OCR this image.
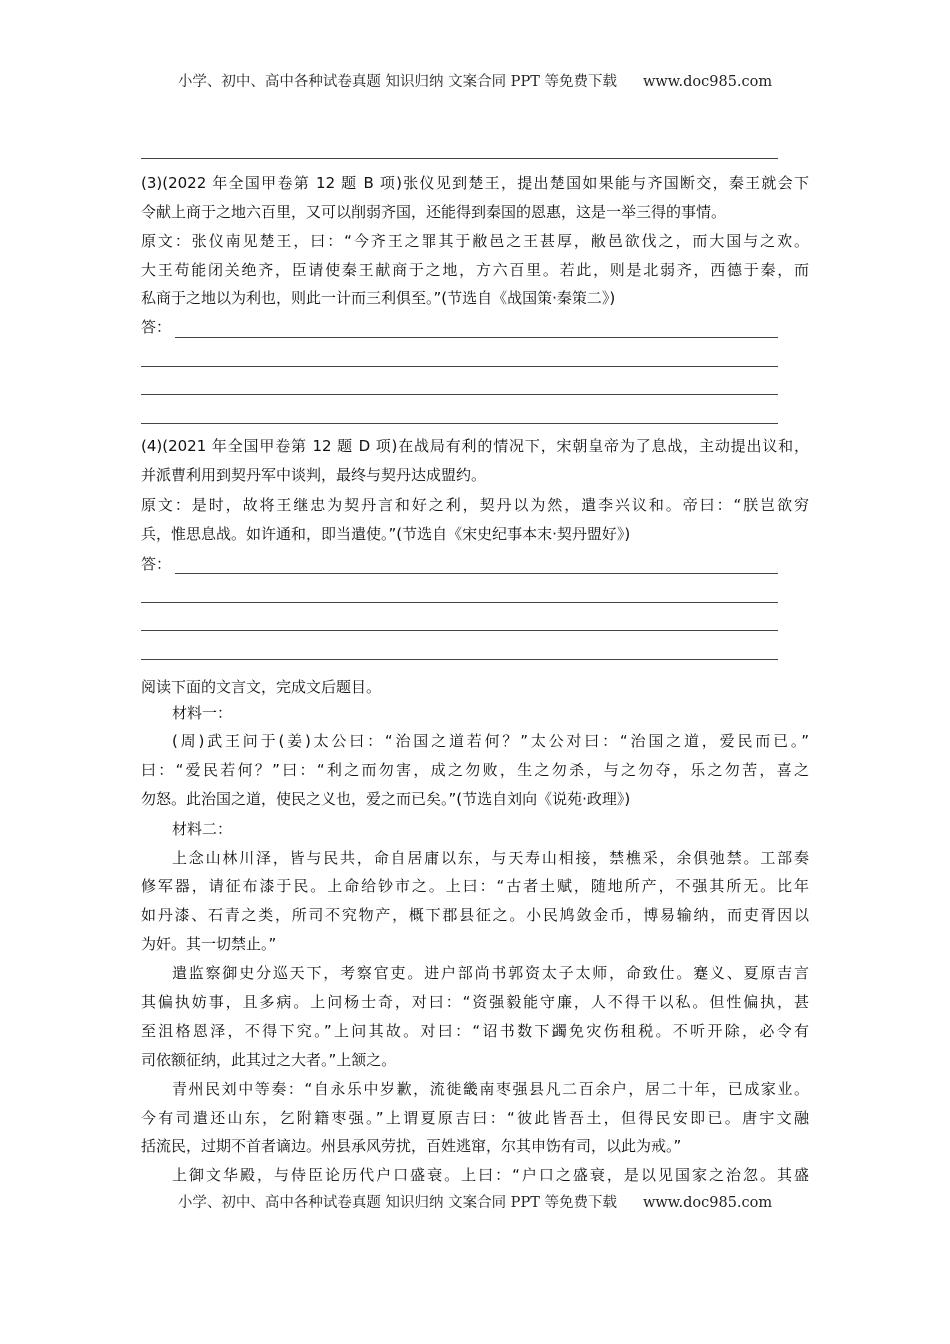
小学、初中、高中各种试卷真题 知识归纳 文案合同 PPT 等免费下载 www.doc985.com
(3)(2022 年全国甲卷第 12 题 B 项)张仪见到楚王，提出楚国如果能与齐国断交，秦王就会下
令献上商于之地六百里，又可以削弱齐国，还能得到秦国的恩惠，这是一举三得的事情。
原文：张仪南见楚王，曰：“今齐王之罪其于敝邑之王甚厚，敝邑欲伐之，而大国与之欢。
大王苟能闭关绝齐，臣请使秦王献商于之地，方六百里。若此，则是北弱齐，西德于秦，而
私商于之地以为利也，则此一计而三利俱至。”(节选自《战国策·秦策二》)
(4)(2021 年全国甲卷第 12 题 D 项)在战局有利的情况下，宋朝皇帝为了息战，主动提出议和，
并派曹利用到契丹军中谈判，最终与契丹达成盟约。
原文：是时，故将王继忠为契丹言和好之利，契丹以为然，遣李兴议和。帝曰：“朕岂欲穷
兵，惟思息战。如许通和，即当遣使。”(节选自《宋史纪事本末·契丹盟好》)
阅读下面的文言文，完成文后题目。
材料一：
(周)武王问于(姜)太公曰：“治国之道若何？”太公对曰：“治国之道，爱民而已。”
曰：“爱民若何？”曰：“利之而勿害，成之勿败，生之勿杀，与之勿夺，乐之勿苦，喜之
勿怒。此治国之道，使民之义也，爱之而已矣。”(节选自刘向《说苑·政理》)
材料二：
上念山林川泽，皆与民共，命自居庸以东，与天寿山相接，禁樵采，余俱弛禁。工部奏
修军器，请征布漆于民。上命给钞市之。上曰：“古者土赋，随地所产，不强其所无。比年
如丹漆、石青之类，所司不究物产，概下郡县征之。小民鸠敛金币，博易输纳，而吏胥因以
为奸。其一切禁止。”
遣监察御史分巡天下，考察官吏。进户部尚书郭资太子太师，命致仕。蹇义、夏原吉言
其偏执妨事，且多病。上问杨士奇，对曰：“资强毅能守廉，人不得干以私。但性偏执，甚
至沮格恩泽，不得下究。”上问其故。对曰：“诏书数下蠲免灾伤租税。不听开除，必令有
司依额征纳，此其过之大者。”上颔之。
青州民刘中等奏：“自永乐中岁歉，流徙畿南枣强县凡二百余户，居二十年，已成家业。
今有司遣还山东，乞附籍枣强。”上谓夏原吉曰：“彼此皆吾土，但得民安即已。唐宇文融
括流民，过期不首者谪边。州县承风劳扰，百姓逃窜，尔其申饬有司，以此为戒。”
上御文华殿，与侍臣论历代户口盛衰。上曰：“户口之盛衰，是以见国家之治忽。其盛
答：
答：
小学、初中、高中各种试卷真题 知识归纳 文案合同 PPT 等免费下载 www.doc985.com
